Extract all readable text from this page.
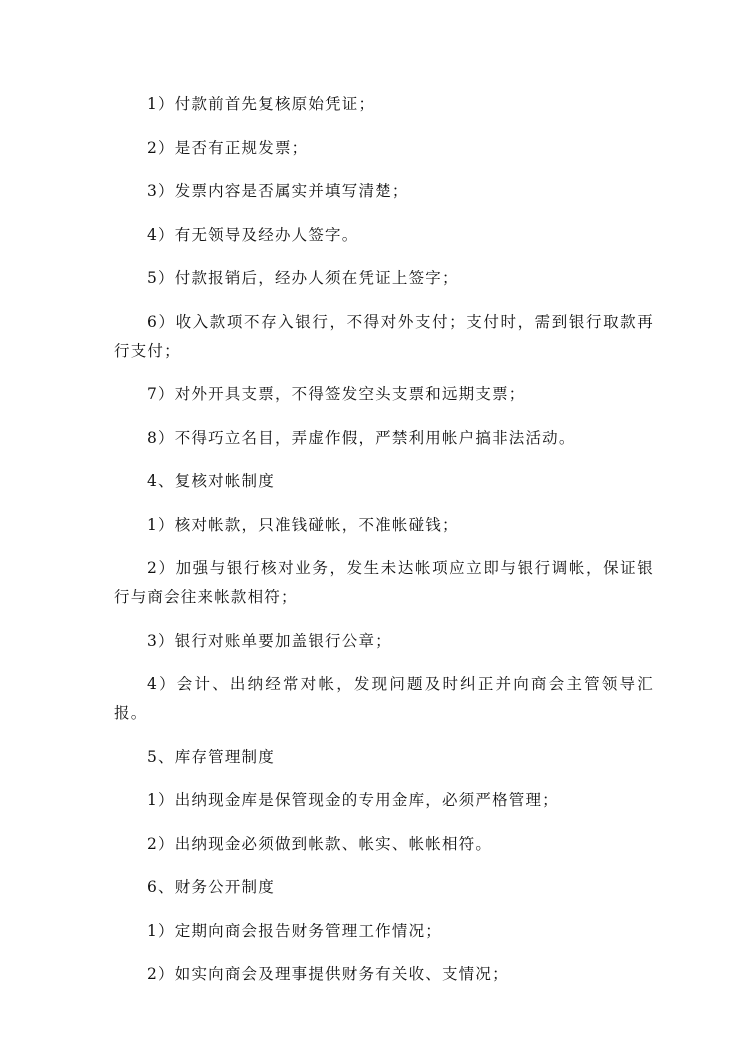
1）付款前首先复核原始凭证；

2）是否有正规发票；

3）发票内容是否属实并填写清楚；

4）有无领导及经办人签字。

5）付款报销后，经办人须在凭证上签字；

6）收入款项不存入银行，不得对外支付；支付时，需到银行取款再行支付；

7）对外开具支票，不得签发空头支票和远期支票；

8）不得巧立名目，弄虚作假，严禁利用帐户搞非法活动。

4、复核对帐制度

1）核对帐款，只准钱碰帐，不准帐碰钱；

2）加强与银行核对业务，发生未达帐项应立即与银行调帐，保证银行与商会往来帐款相符；

3）银行对账单要加盖银行公章；

4）会计、出纳经常对帐，发现问题及时纠正并向商会主管领导汇报。

5、库存管理制度

1）出纳现金库是保管现金的专用金库，必须严格管理；

2）出纳现金必须做到帐款、帐实、帐帐相符。

6、财务公开制度

1）定期向商会报告财务管理工作情况；

2）如实向商会及理事提供财务有关收、支情况；
